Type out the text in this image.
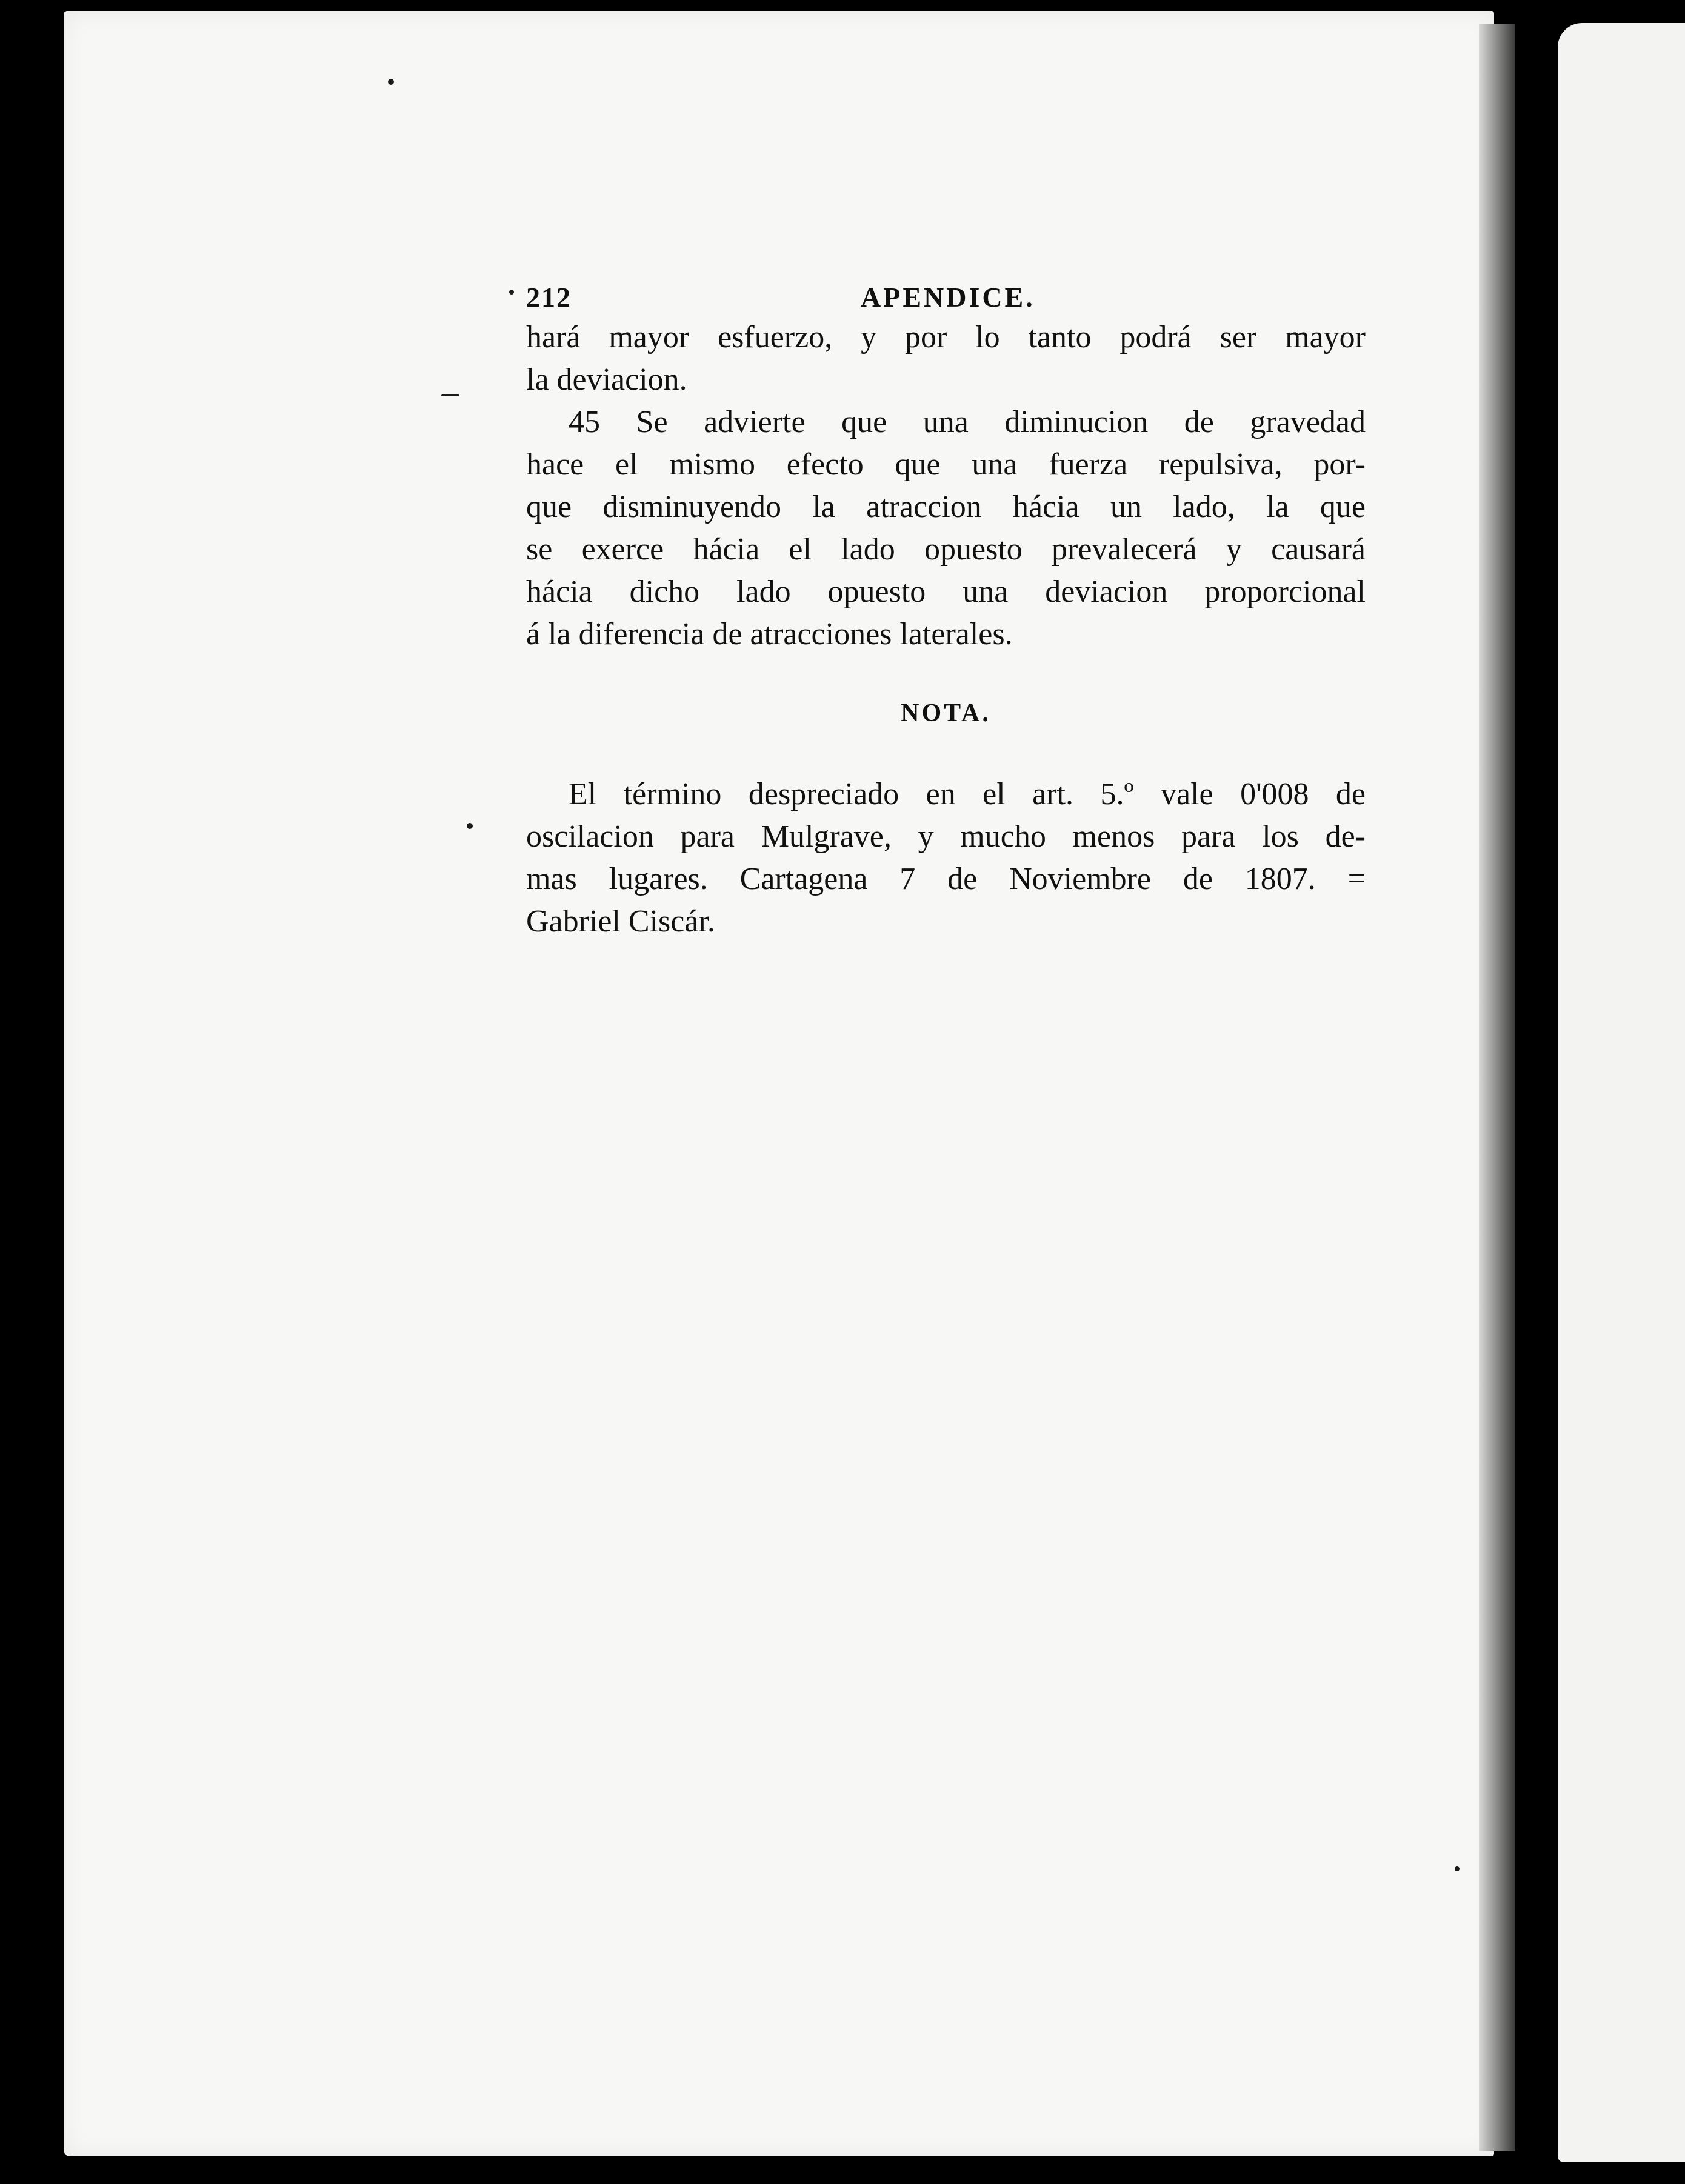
212	APENDICE.
hará mayor esfuerzo, y por lo tanto podrá ser mayor
la deviacion.
45 Se advierte que una diminucion de gravedad
hace el mismo efecto que una fuerza repulsiva, por-
que disminuyendo la atraccion hácia un lado, la que
se exerce hácia el lado opuesto prevalecerá y causará
hácia dicho lado opuesto una deviacion proporcional
á la diferencia de atracciones laterales.
NOTA.
El término despreciado en el art. 5.º vale 0'008 de
oscilacion para Mulgrave, y mucho menos para los de-
mas lugares. Cartagena 7 de Noviembre de 1807. =
Gabriel Ciscár.
